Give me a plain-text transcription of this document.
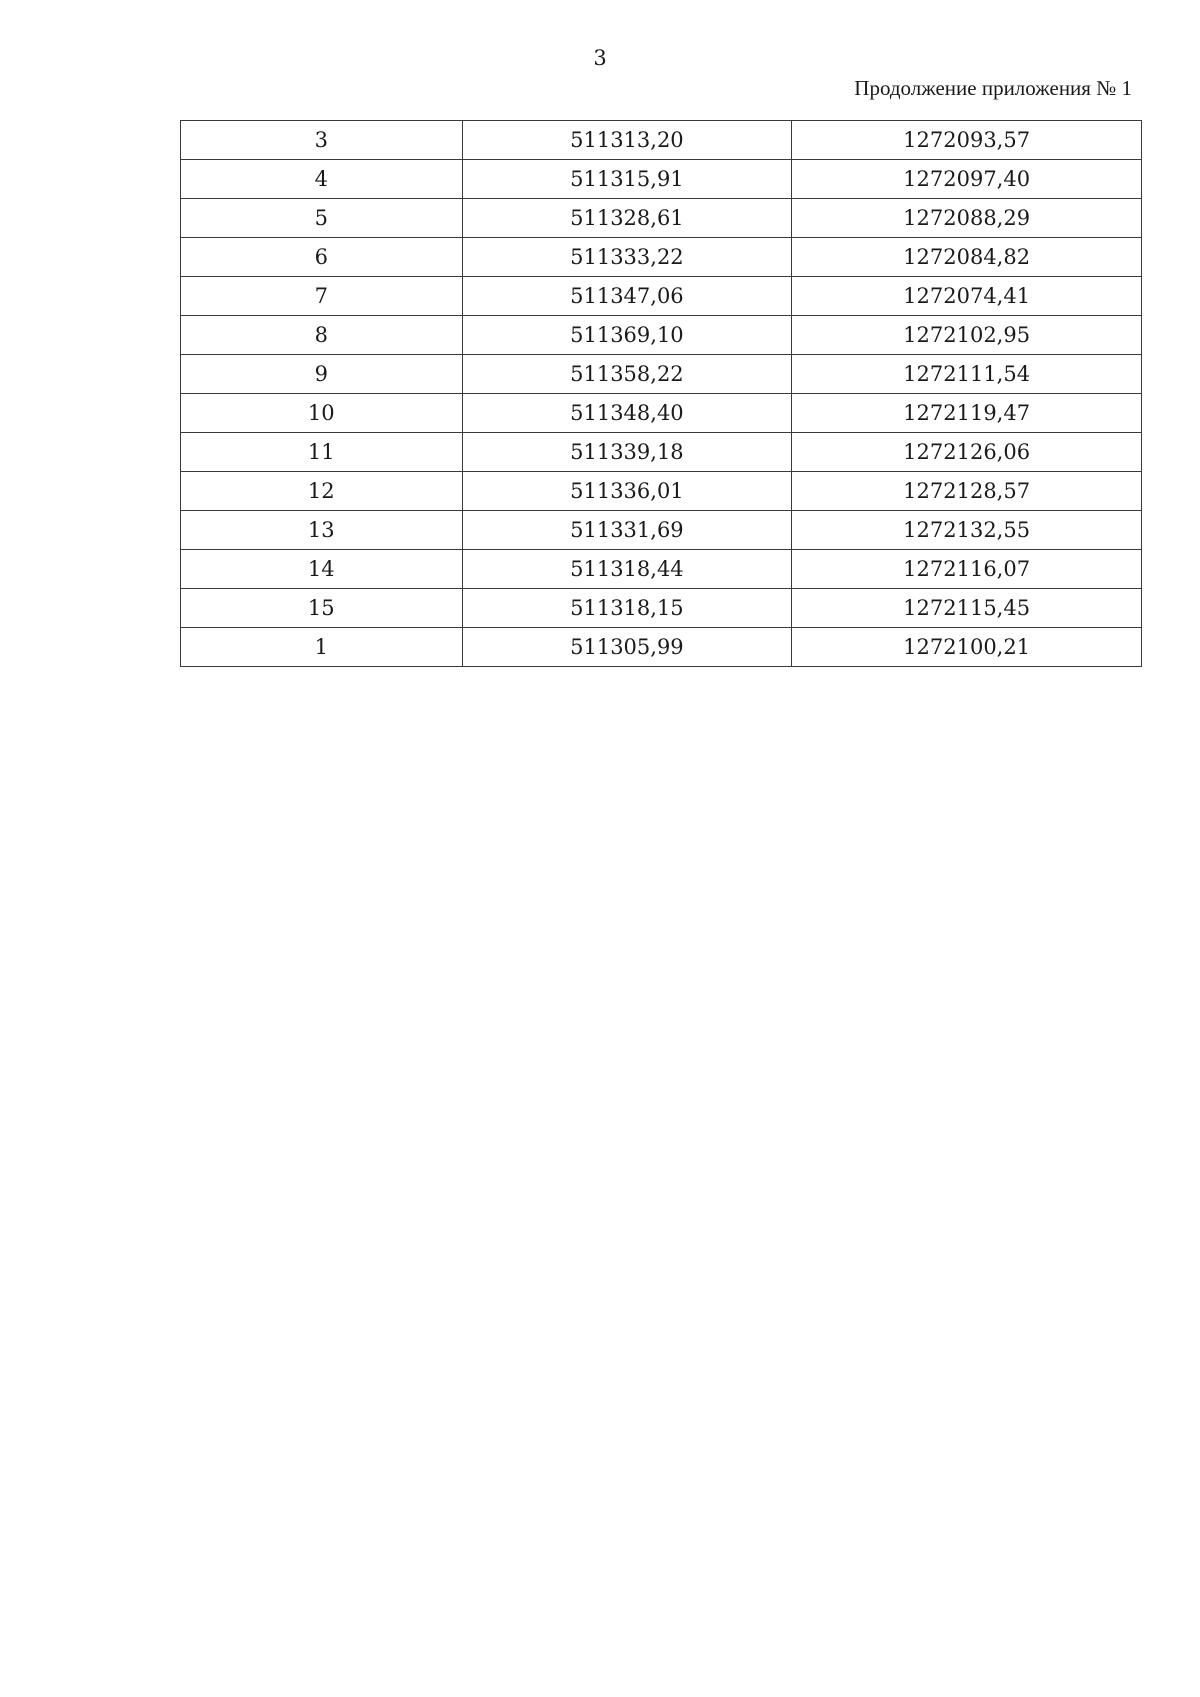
3
Продолжение приложения № 1
3	511313,20	1272093,57
4	511315,91	1272097,40
5	511328,61	1272088,29
6	511333,22	1272084,82
7	511347,06	1272074,41
8	511369,10	1272102,95
9	511358,22	1272111,54
10	511348,40	1272119,47
11	511339,18	1272126,06
12	511336,01	1272128,57
13	511331,69	1272132,55
14	511318,44	1272116,07
15	511318,15	1272115,45
1	511305,99	1272100,21
